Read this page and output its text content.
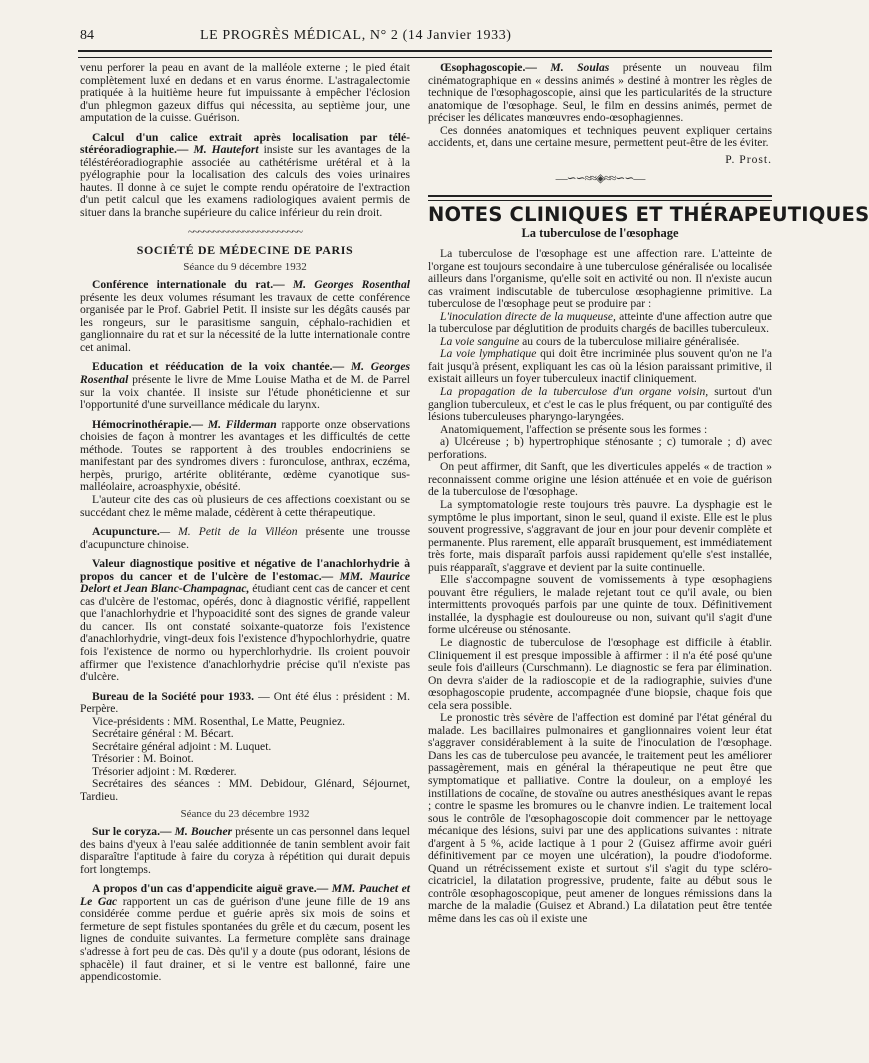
84	LE PROGRÈS MÉDICAL, N° 2 (14 Janvier 1933)

venu perforer la peau en avant de la malléole externe ; le pied était complètement luxé en dedans et en varus énorme. L'astragalectomie pratiquée à la huitième heure fut impuissante à empêcher l'éclosion d'un phlegmon gazeux diffus qui nécessita, au septième jour, une amputation de la cuisse. Guérison.

Calcul d'un calice extrait après localisation par télé-stéréoradiographie.— M. Hautefort insiste sur les avantages de la téléstéréoradiographie associée au cathétérisme urétéral et à la pyélographie pour la localisation des calculs des voies urinaires hautes. Il donne à ce sujet le compte rendu opératoire de l'extraction d'un petit calcul que les examens radiologiques avaient permis de situer dans la branche supérieure du calice inférieur du rein droit.

~~~~~~~~~~~~~~~~~~~~~~~
SOCIÉTÉ DE MÉDECINE DE PARIS
Séance du 9 décembre 1932

Conférence internationale du rat.— M. Georges Rosenthal présente les deux volumes résumant les travaux de cette conférence organisée par le Prof. Gabriel Petit. Il insiste sur les dégâts causés par les rongeurs, sur le parasitisme sanguin, céphalo-rachidien et ganglionnaire du rat et sur la nécessité de la lutte internationale contre cet animal.

Education et rééducation de la voix chantée.— M. Georges Rosenthal présente le livre de Mme Louise Matha et de M. de Parrel sur la voix chantée. Il insiste sur l'étude phonéticienne et sur l'opportunité d'une surveillance médicale du larynx.

Hémocrinothérapie.— M. Filderman rapporte onze observations choisies de façon à montrer les avantages et les difficultés de cette méthode. Toutes se rapportent à des troubles endocriniens se manifestant par des syndromes divers : furonculose, anthrax, eczéma, herpès, prurigo, artérite oblitérante, œdème cyanotique sus-malléolaire, acroasphyxie, obésité.

L'auteur cite des cas où plusieurs de ces affections coexistant ou se succédant chez le même malade, cédèrent à cette thérapeutique.

Acupuncture.— M. Petit de la Villéon présente une trousse d'acupuncture chinoise.

Valeur diagnostique positive et négative de l'anachlorhydrie à propos du cancer et de l'ulcère de l'estomac.— MM. Maurice Delort et Jean Blanc-Champagnac, étudiant cent cas de cancer et cent cas d'ulcère de l'estomac, opérés, donc à diagnostic vérifié, rappellent que l'anachlorhydrie et l'hypoacidité sont des signes de grande valeur du cancer. Ils ont constaté soixante-quatorze fois l'existence d'anachlorhydrie, vingt-deux fois l'existence d'hypochlorhydrie, quatre fois l'existence de normo ou hyperchlorhydrie. Ils croient pouvoir affirmer que l'existence d'anachlorhydrie précise qu'il n'existe pas d'ulcère.

Bureau de la Société pour 1933. — Ont été élus : président : M. Perpère.

Vice-présidents : MM. Rosenthal, Le Matte, Peugniez.

Secrétaire général : M. Bécart.

Secrétaire général adjoint : M. Luquet.

Trésorier : M. Boinot.

Trésorier adjoint : M. Rœderer.

Secrétaires des séances : MM. Debidour, Glénard, Séjournet, Tardieu.

Séance du 23 décembre 1932

Sur le coryza.— M. Boucher présente un cas personnel dans lequel des bains d'yeux à l'eau salée additionnée de tanin semblent avoir fait disparaître l'aptitude à faire du coryza à répétition qui durait depuis fort longtemps.

A propos d'un cas d'appendicite aiguë grave.— MM. Pauchet et Le Gac rapportent un cas de guérison d'une jeune fille de 19 ans considérée comme perdue et guérie après six mois de soins et fermeture de sept fistules spontanées du grêle et du cæcum, posent les lignes de conduite suivantes. La fermeture complète sans drainage s'adresse à fort peu de cas. Dès qu'il y a doute (pus odorant, lésions de sphacèle) il faut drainer, et si le ventre est ballonné, faire une appendicostomie.

Œsophagoscopie.— M. Soulas présente un nouveau film cinématographique en « dessins animés » destiné à montrer les règles de technique de l'œsophagoscopie, ainsi que les particularités de la structure anatomique de l'œsophage. Seul, le film en dessins animés, permet de préciser les délicates manœuvres endo-œsophagiennes.

Ces données anatomiques et techniques peuvent expliquer certains accidents, et, dans une certaine mesure, permettent peut-être de les éviter.

P. Prost.

—∽∽≈≈◈≈≈∽∽—
NOTES CLINIQUES ET THÉRAPEUTIQUES
La tuberculose de l'œsophage

La tuberculose de l'œsophage est une affection rare. L'atteinte de l'organe est toujours secondaire à une tuberculose généralisée ou localisée ailleurs dans l'organisme, qu'elle soit en activité ou non. Il n'existe aucun cas vraiment indiscutable de tuberculose œsophagienne primitive. La tuberculose de l'œsophage peut se produire par :

L'inoculation directe de la muqueuse, atteinte d'une affection autre que la tuberculose par déglutition de produits chargés de bacilles tuberculeux.

La voie sanguine au cours de la tuberculose miliaire généralisée.

La voie lymphatique qui doit être incriminée plus souvent qu'on ne l'a fait jusqu'à présent, expliquant les cas où la lésion paraissant primitive, il existait ailleurs un foyer tuberculeux inactif cliniquement.

La propagation de la tuberculose d'un organe voisin, surtout d'un ganglion tuberculeux, et c'est le cas le plus fréquent, ou par contiguïté des lésions tuberculeuses pharyngo-laryngées.

Anatomiquement, l'affection se présente sous les formes :

a) Ulcéreuse ; b) hypertrophique sténosante ; c) tumorale ; d) avec perforations.

On peut affirmer, dit Sanft, que les diverticules appelés « de traction » reconnaissent comme origine une lésion atténuée et en voie de guérison de la tuberculose de l'œsophage.

La symptomatologie reste toujours très pauvre. La dysphagie est le symptôme le plus important, sinon le seul, quand il existe. Elle est le plus souvent progressive, s'aggravant de jour en jour pour devenir complète et permanente. Plus rarement, elle apparaît brusquement, est immédiatement très forte, mais disparaît parfois aussi rapidement qu'elle s'est installée, puis réapparaît, s'aggrave et devient par la suite continuelle.

Elle s'accompagne souvent de vomissements à type œsophagiens pouvant être réguliers, le malade rejetant tout ce qu'il avale, ou bien intermittents provoqués parfois par une quinte de toux. Définitivement installée, la dysphagie est douloureuse ou non, suivant qu'il s'agit d'une forme ulcéreuse ou sténosante.

Le diagnostic de tuberculose de l'œsophage est difficile à établir. Cliniquement il est presque impossible à affirmer : il n'a été posé qu'une seule fois d'ailleurs (Curschmann). Le diagnostic se fera par élimination. On devra s'aider de la radioscopie et de la radiographie, suivies d'une œsophagoscopie prudente, accompagnée d'une biopsie, chaque fois que cela sera possible.

Le pronostic très sévère de l'affection est dominé par l'état général du malade. Les bacillaires pulmonaires et ganglionnaires voient leur état s'aggraver considérablement à la suite de l'inoculation de l'œsophage. Dans les cas de tuberculose peu avancée, le traitement peut les améliorer passagèrement, mais en général la thérapeutique ne peut être que symptomatique et palliative. Contre la douleur, on a employé les instillations de cocaïne, de stovaïne ou autres anesthésiques avant le repas ; contre le spasme les bromures ou le chanvre indien. Le traitement local sous le contrôle de l'œsophagoscopie doit commencer par le nettoyage mécanique des lésions, suivi par une des applications suivantes : nitrate d'argent à 5 %, acide lactique à 1 pour 2 (Guisez affirme avoir guéri définitivement par ce moyen une ulcération), la poudre d'iodoforme. Quand un rétrécissement existe et surtout s'il s'agit du type scléro-cicatriciel, la dilatation progressive, prudente, faite au début sous le contrôle œsophagoscopique, peut amener de longues rémissions dans la marche de la maladie (Guisez et Abrand.) La dilatation peut être tentée même dans les cas où il existe une
